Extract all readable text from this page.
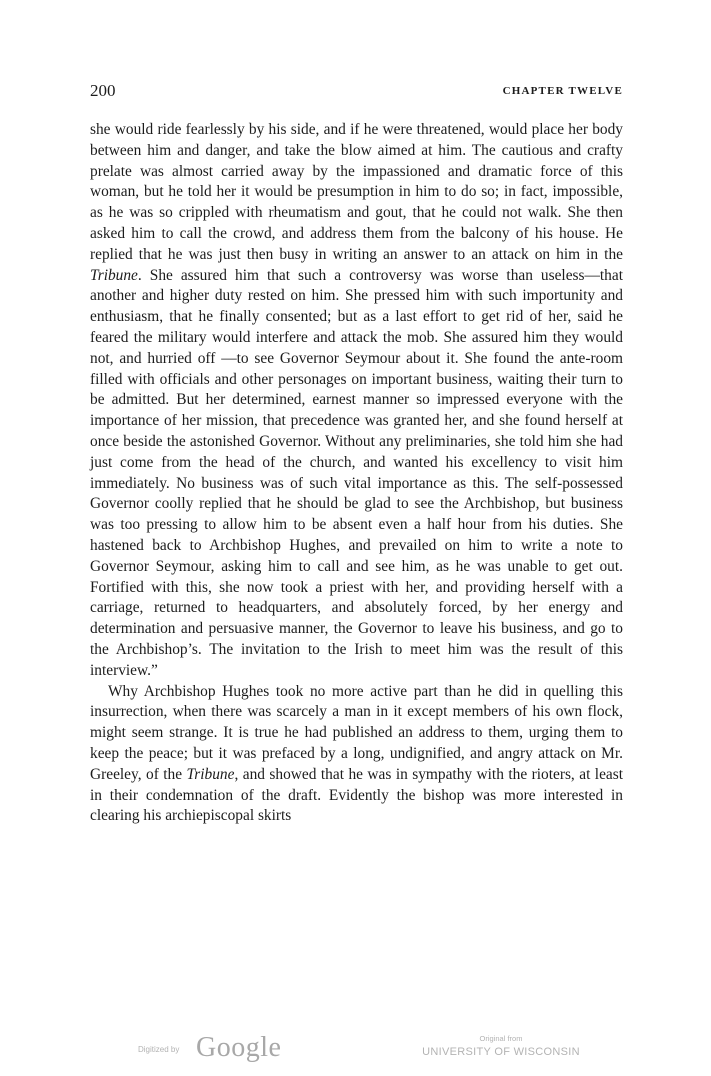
200	CHAPTER TWELVE

she would ride fearlessly by his side, and if he were threatened, would place her body between him and danger, and take the blow aimed at him. The cautious and crafty prelate was almost carried away by the impassioned and dramatic force of this woman, but he told her it would be presumption in him to do so; in fact, impossible, as he was so crippled with rheumatism and gout, that he could not walk. She then asked him to call the crowd, and address them from the balcony of his house. He replied that he was just then busy in writing an answer to an attack on him in the Tribune. She assured him that such a controversy was worse than useless—that another and higher duty rested on him. She pressed him with such importunity and enthusiasm, that he finally consented; but as a last effort to get rid of her, said he feared the military would interfere and attack the mob. She assured him they would not, and hurried off —to see Governor Seymour about it. She found the ante-room filled with officials and other personages on important business, waiting their turn to be admitted. But her determined, earnest manner so impressed everyone with the importance of her mission, that precedence was granted her, and she found herself at once beside the astonished Governor. Without any preliminaries, she told him she had just come from the head of the church, and wanted his excellency to visit him immediately. No business was of such vital importance as this. The self-possessed Governor coolly replied that he should be glad to see the Archbishop, but business was too pressing to allow him to be absent even a half hour from his duties. She hastened back to Archbishop Hughes, and prevailed on him to write a note to Governor Seymour, asking him to call and see him, as he was unable to get out. Fortified with this, she now took a priest with her, and providing herself with a carriage, returned to headquarters, and absolutely forced, by her energy and determination and persuasive manner, the Governor to leave his business, and go to the Archbishop’s. The invitation to the Irish to meet him was the result of this interview.”

Why Archbishop Hughes took no more active part than he did in quelling this insurrection, when there was scarcely a man in it except members of his own flock, might seem strange. It is true he had published an address to them, urging them to keep the peace; but it was prefaced by a long, undignified, and angry attack on Mr. Greeley, of the Tribune, and showed that he was in sympathy with the rioters, at least in their condemnation of the draft. Evidently the bishop was more interested in clearing his archiepiscopal skirts

Digitized by Google	Original from
UNIVERSITY OF WISCONSIN
